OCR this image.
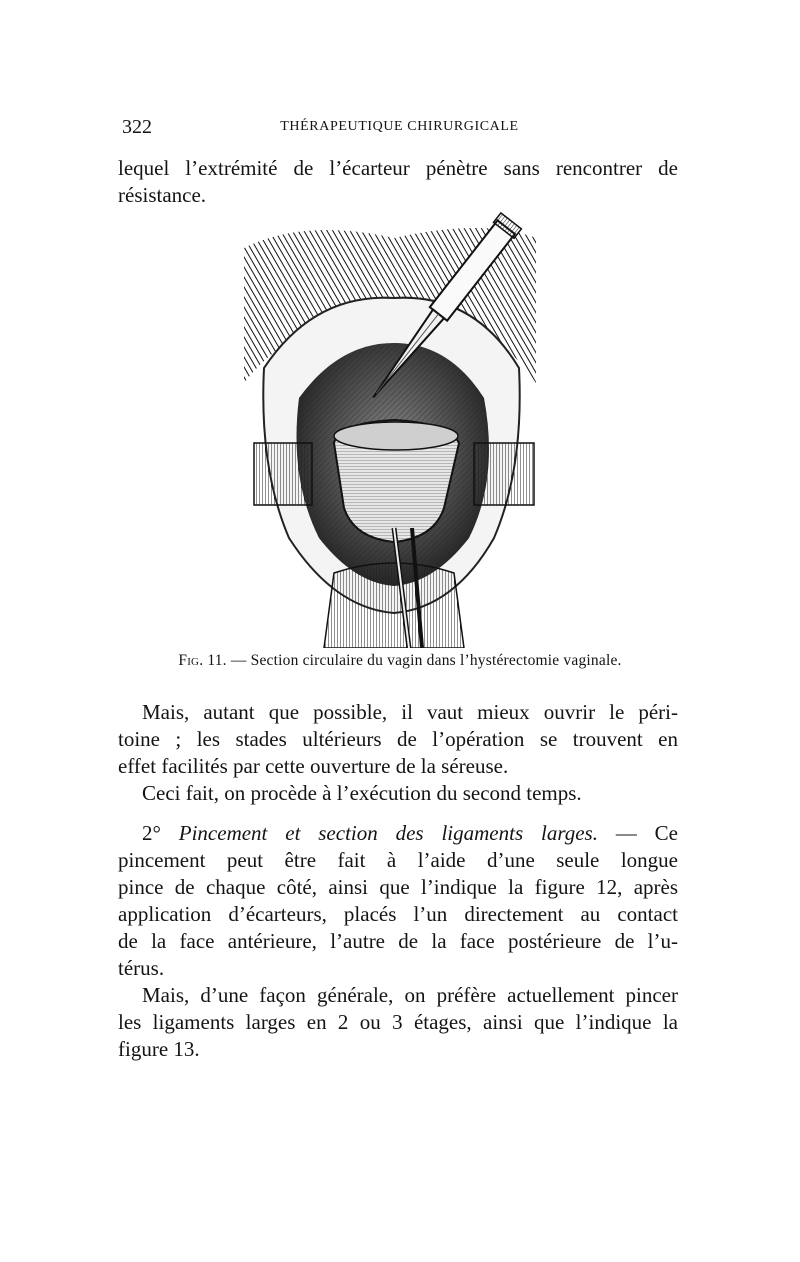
322	THÉRAPEUTIQUE CHIRURGICALE
lequel l’extrémité de l’écarteur pénètre sans rencontrer de
résistance.
Fig. 11. — Section circulaire du vagin dans l’hystérectomie vaginale.
Mais, autant que possible, il vaut mieux ouvrir le péri-
toine ; les stades ultérieurs de l’opération se trouvent en
effet facilités par cette ouverture de la séreuse.
Ceci fait, on procède à l’exécution du second temps.
2° Pincement et section des ligaments larges. — Ce
pincement peut être fait à l’aide d’une seule longue
pince de chaque côté, ainsi que l’indique la figure 12, après
application d’écarteurs, placés l’un directement au contact
de la face antérieure, l’autre de la face postérieure de l’u-
térus.
Mais, d’une façon générale, on préfère actuellement pincer
les ligaments larges en 2 ou 3 étages, ainsi que l’indique la
figure 13.
